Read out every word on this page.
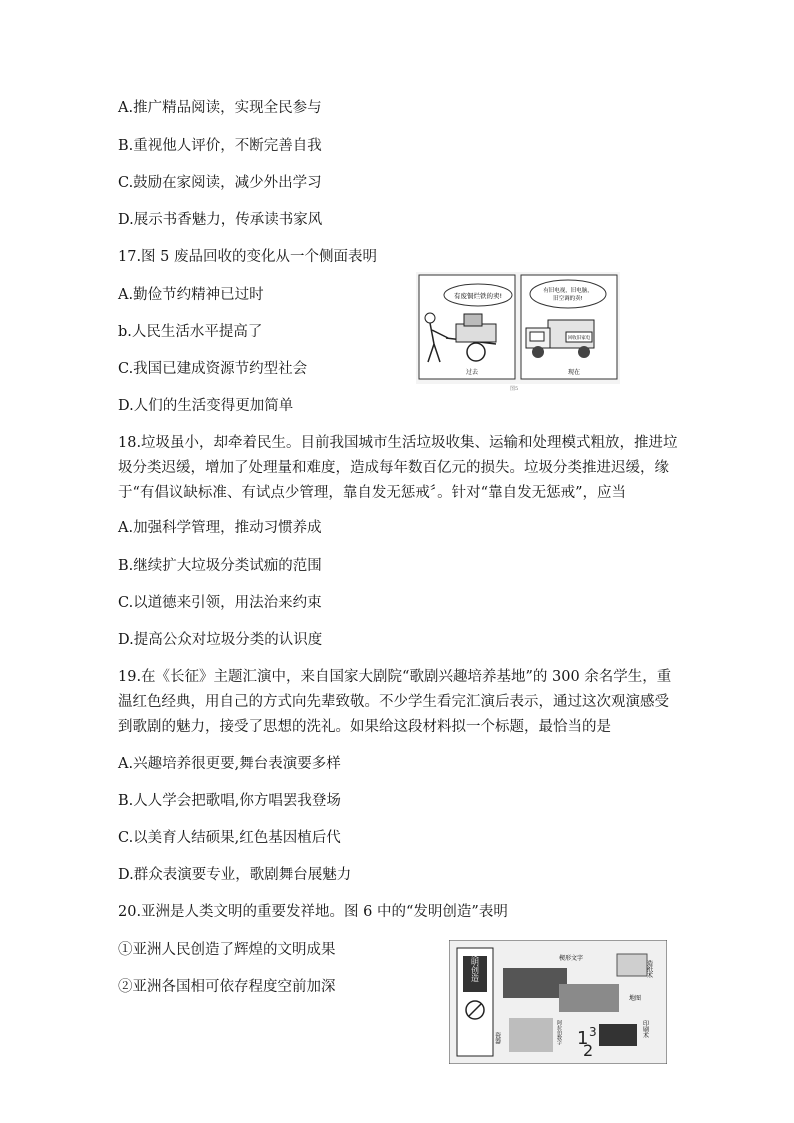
A.推广精品阅读，实现全民参与
B.重视他人评价，不断完善自我
C.鼓励在家阅读，减少外出学习
D.展示书香魅力，传承读书家风
17.图 5 废品回收的变化从一个侧面表明
A.勤俭节约精神已过时
b.人民生活水平提高了
C.我国已建成资源节约型社会
D.人们的生活变得更加简单
有废铜烂铁的卖!
过去
有旧电视，旧电脑，
旧空调的卖!
回收旧家电
现在
图5
18.垃圾虽小，却牵着民生。目前我国城市生活垃圾收集、运输和处理模式粗放，推进垃圾分类迟缓，增加了处理量和难度，造成每年数百亿元的损失。垃圾分类推进迟缓，缘于“有倡议缺标准、有试点少管理，靠自发无惩戒〞。针对“靠自发无惩戒”，应当
A.加强科学管理，推动习惯养成
B.继续扩大垃圾分类试痂的范围
C.以道德来引领，用法治来约束
D.提高公众对垃圾分类的认识度
19.在《长征》主题汇演中，来自国家大剧院“歌剧兴趣培养基地”的 300 余名学生，重温红色经典，用自己的方式向先辈致敬。不少学生看完汇演后表示，通过这次观演感受到歌剧的魅力，接受了思想的洗礼。如果给这段材料拟一个标题，最恰当的是
A.兴趣培养很更要,舞台表演要多样
B.人人学会把歌唱,你方唱罢我登场
C.以美育人结硕果,红色基因植后代
D.群众表演要专业，歌剧舞台展魅力
20.亚洲是人类文明的重要发祥地。图 6 中的“发明创造”表明
①亚洲人民创造了辉煌的文明成果
②亚洲各国相可依存程度空前加深
发明创造
1 3
2
楔形文字
造纸术
地图
阿拉伯数字	印刷术
瓷器
